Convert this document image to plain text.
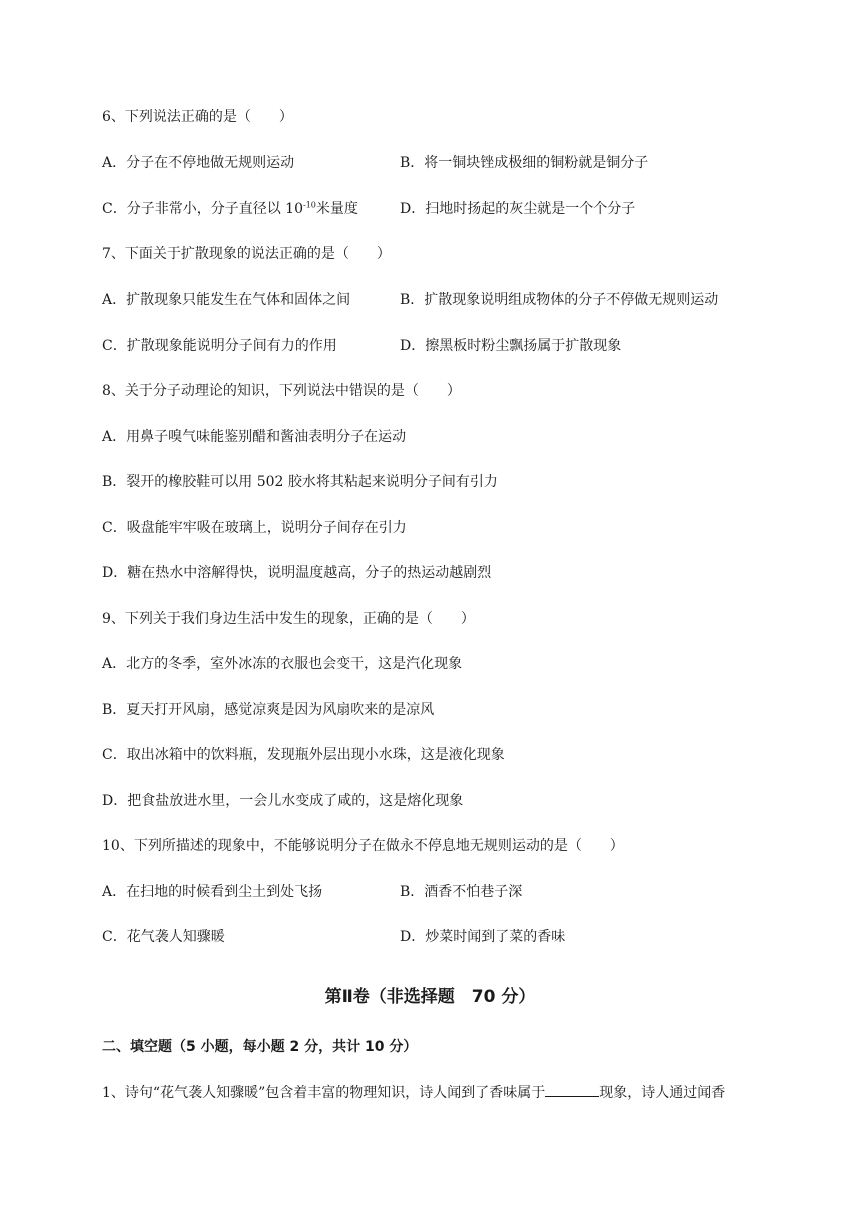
6、下列说法正确的是（　　）
A．分子在不停地做无规则运动	B．将一铜块锉成极细的铜粉就是铜分子
C．分子非常小，分子直径以 $10^{-10}$米量度	D．扫地时扬起的灰尘就是一个个分子
7、下面关于扩散现象的说法正确的是（　　）
A．扩散现象只能发生在气体和固体之间	B．扩散现象说明组成物体的分子不停做无规则运动
C．扩散现象能说明分子间有力的作用	D．擦黑板时粉尘飘扬属于扩散现象
8、关于分子动理论的知识，下列说法中错误的是（　　）
A．用鼻子嗅气味能鉴别醋和酱油表明分子在运动
B．裂开的橡胶鞋可以用 502 胶水将其粘起来说明分子间有引力
C．吸盘能牢牢吸在玻璃上，说明分子间存在引力
D．糖在热水中溶解得快，说明温度越高，分子的热运动越剧烈
9、下列关于我们身边生活中发生的现象，正确的是（　　）
A．北方的冬季，室外冰冻的衣服也会变干，这是汽化现象
B．夏天打开风扇，感觉凉爽是因为风扇吹来的是凉风
C．取出冰箱中的饮料瓶，发现瓶外层出现小水珠，这是液化现象
D．把食盐放进水里，一会儿水变成了咸的，这是熔化现象
10、下列所描述的现象中，不能够说明分子在做永不停息地无规则运动的是（　　）
A．在扫地的时候看到尘土到处飞扬	B．酒香不怕巷子深
C．花气袭人知骤暖	D．炒菜时闻到了菜的香味
第Ⅱ卷（非选择题　70 分）
二、填空题（5 小题，每小题 2 分，共计 10 分）
1、诗句“花气袭人知骤暖”包含着丰富的物理知识，诗人闻到了香味属于	现象，诗人通过闻香
